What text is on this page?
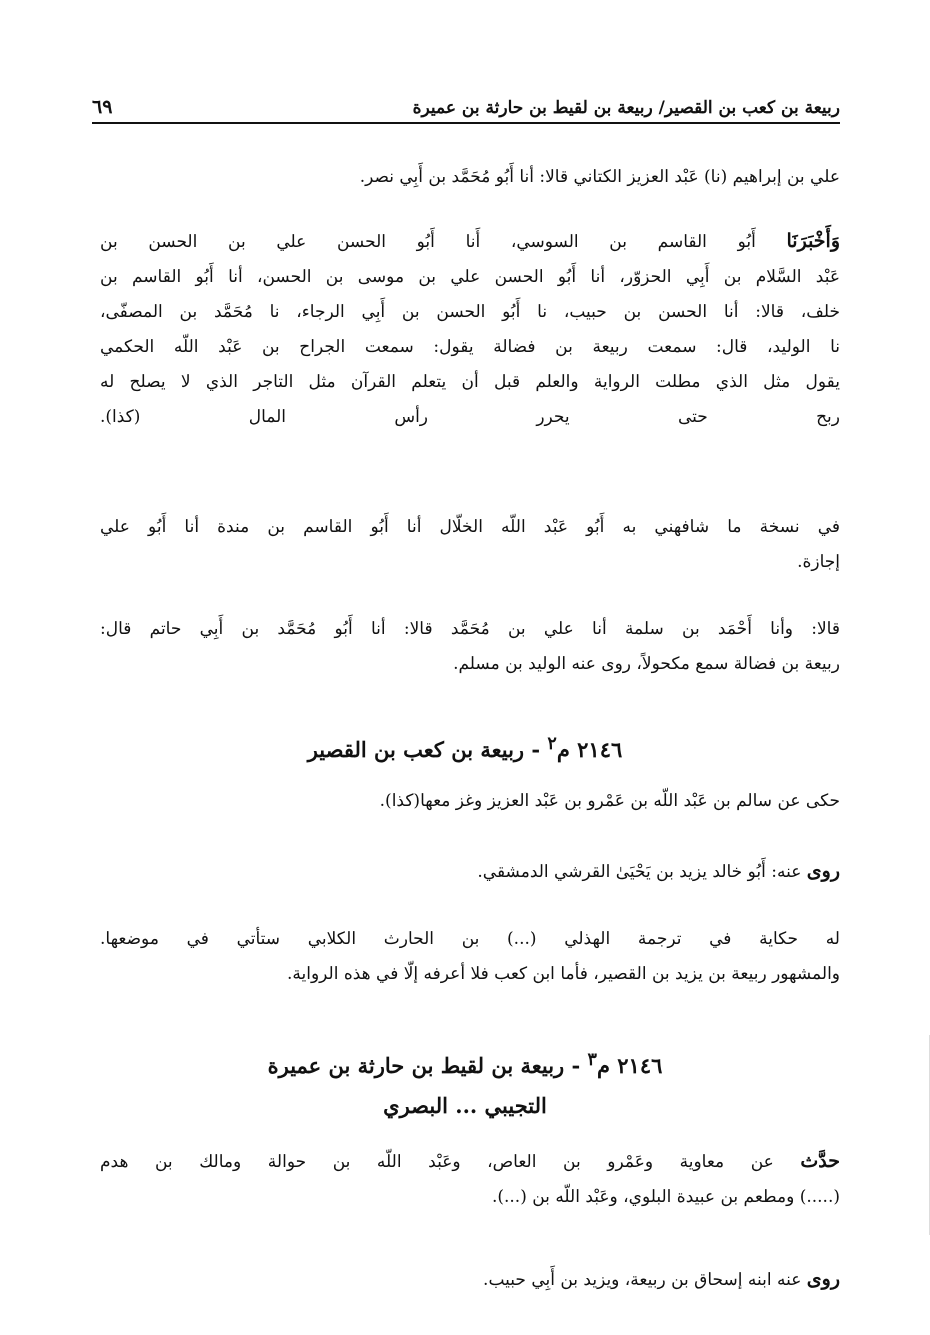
ربيعة بن كعب بن القصير/ ربيعة بن لقيط بن حارثة بن عميرة
٦٩
علي بن إبراهيم (نا) عَبْد العزيز الكتاني قالا: أنا أَبُو مُحَمَّد بن أَبِي نصر.
وَأَخْبَرَنَا أَبُو القاسم بن السوسي، أَنا أَبُو الحسن علي بن الحسن بن
عَبْد السَّلام بن أَبِي الحزوّر، أنا أَبُو الحسن علي بن موسى بن الحسن، أنا أَبُو القاسم بن
خلف، قالا: أنا الحسن بن حبيب، نا أَبُو الحسن بن أَبِي الرجاء، نا مُحَمَّد بن المصفّى،
نا الوليد، قال: سمعت ربيعة بن فضالة يقول: سمعت الجراح بن عَبْد اللّه الحكمي
يقول مثل الذي مطلت الرواية والعلم قبل أن يتعلم القرآن مثل التاجر الذي لا يصلح له
ربح حتى يحرر رأس المال (كذا).
في نسخة ما شافهني به أَبُو عَبْد اللّه الخلّال أنا أَبُو القاسم بن مندة أنا أَبُو علي
إجازة.
قالا: وأنا أَحْمَد بن سلمة أنا علي بن مُحَمَّد قالا: أنا أَبُو مُحَمَّد بن أَبِي حاتم قال:
ربيعة بن فضالة سمع مكحولاً، روى عنه الوليد بن مسلم.
٢١٤٦ م$^٢$ - ربيعة بن كعب بن القصير
حكى عن سالم بن عَبْد اللّه بن عَمْرو بن عَبْد العزيز وغز معها(كذا).
روى عنه: أَبُو خالد يزيد بن يَحْيَىٰ القرشي الدمشقي.
له حكاية في ترجمة الهذلي (...) بن الحارث الكلابي ستأتي في موضعها.
والمشهور ربيعة بن يزيد بن القصير، فأما ابن كعب فلا أعرفه إلّا في هذه الرواية.
٢١٤٦ م$^٣$ - ربيعة بن لقيط بن حارثة بن عميرة
التجيبي ... البصري
حدَّث عن معاوية وعَمْرو بن العاص، وعَبْد اللّه بن حوالة ومالك بن هدم
(.....) ومطعم بن عبيدة البلوي، وعَبْد اللّه بن (...).
روى عنه ابنه إسحاق بن ربيعة، ويزيد بن أَبِي حبيب.
